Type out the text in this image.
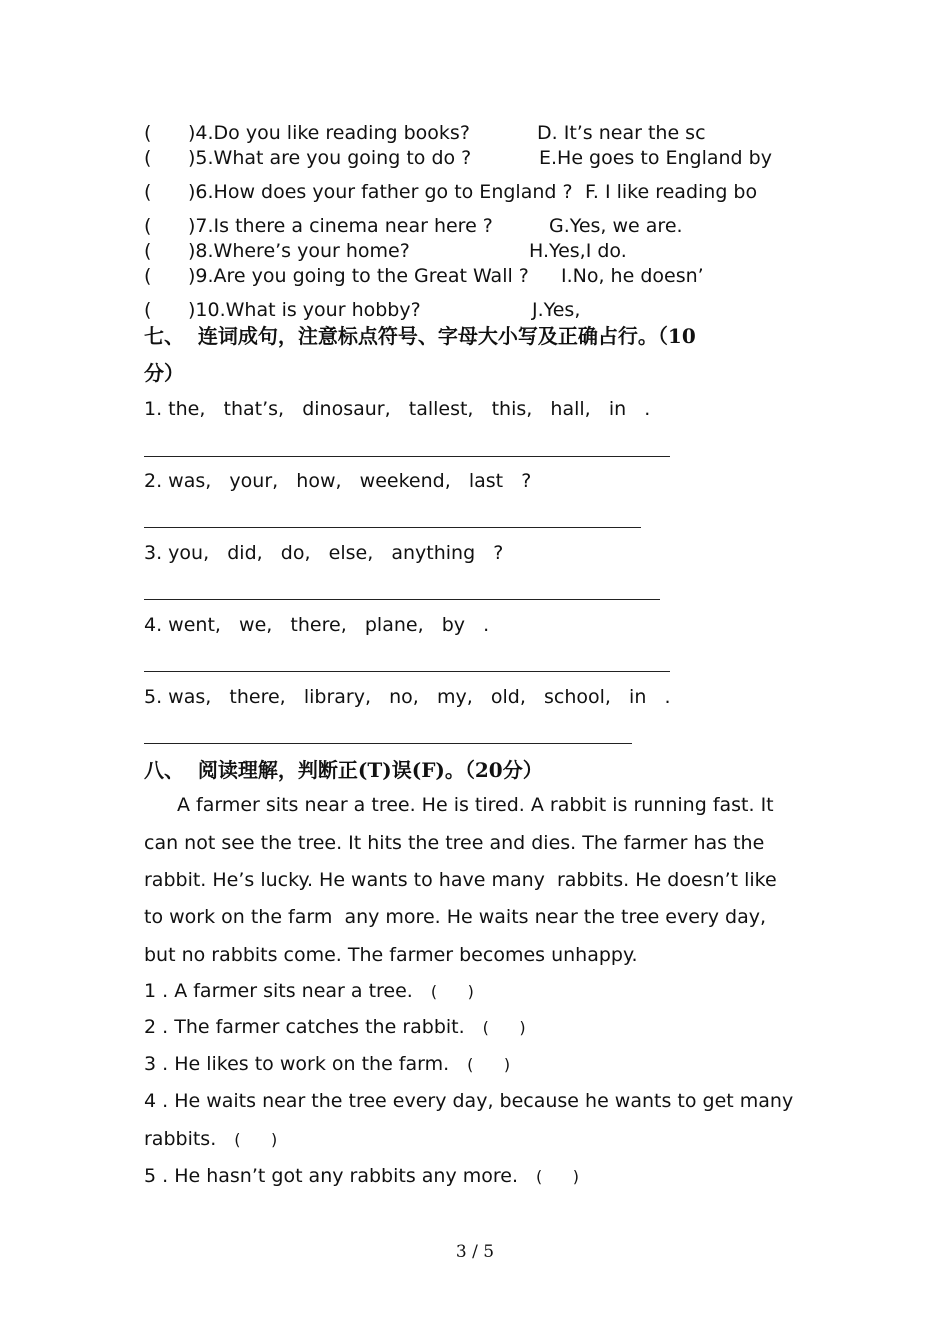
( )4.Do you like reading books?	D. It’s near the sc
( )5.What are you going to do ?	E.He goes to England by
( )6.How does your father go to England ? F. I like reading bo
( )7.Is there a cinema near here ?	G.Yes, we are.
( )8.Where’s your home?	H.Yes,I do.
( )9.Are you going to the Great Wall ? I.No, he doesn’
( )10.What is your hobby?	J.Yes,
七、  连词成句，注意标点符号、字母大小写及正确占行。（10
分）
1. the,   that’s,   dinosaur,   tallest,   this,   hall,   in   .
2. was,   your,   how,   weekend,   last   ?
3. you,   did,   do,   else,   anything   ?
4. went,   we,   there,   plane,   by   .
5. was,   there,   library,   no,   my,   old,   school,   in   .
八、  阅读理解，判断正(T)误(F)。（20分）
A farmer sits near a tree. He is tired. A rabbit is running fast. It
can not see the tree. It hits the tree and dies. The farmer has the
rabbit. He’s lucky. He wants to have many  rabbits. He doesn’t like
to work on the farm  any more. He waits near the tree every day,
but no rabbits come. The farmer becomes unhappy.
1 . A farmer sits near a tree. (      )
2 . The farmer catches the rabbit. (      )
3 . He likes to work on the farm. (      )
4 . He waits near the tree every day, because he wants to get many
rabbits. (      )
5 . He hasn’t got any rabbits any more. (      )
3 / 5
